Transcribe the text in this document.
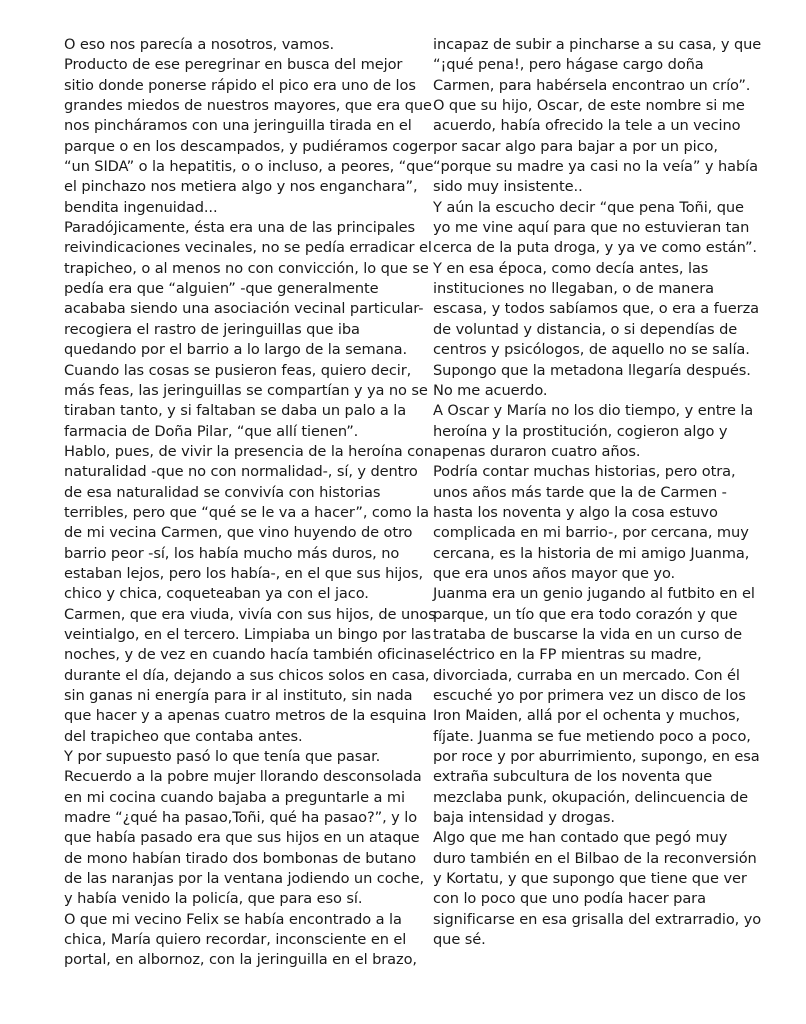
O eso nos parecía a nosotros, vamos.

Producto de ese peregrinar en busca del mejor sitio donde ponerse rápido el pico era uno de los grandes miedos de nuestros mayores, que era que nos pincháramos con una jeringuilla tirada en el parque o en los descampados, y pudiéramos coger “un SIDA” o la hepatitis, o o incluso, a peores, “que el pinchazo nos metiera algo y nos enganchara”, bendita ingenuidad...

Paradójicamente, ésta era una de las principales reivindicaciones vecinales, no se pedía erradicar el trapicheo, o al menos no con convicción, lo que se pedía era que “alguien” -que generalmente acababa siendo una asociación vecinal particular- recogiera el rastro de jeringuillas que iba quedando por el barrio a lo largo de la semana. Cuando las cosas se pusieron feas, quiero decir, más feas, las jeringuillas se compartían y ya no se tiraban tanto, y si faltaban se daba un palo a la farmacia de Doña Pilar, “que allí tienen”.

Hablo, pues, de vivir la presencia de la heroína con naturalidad -que no con normalidad-, sí, y dentro de esa naturalidad se convivía con historias terribles, pero que “qué se le va a hacer”, como la de mi vecina Carmen, que vino huyendo de otro barrio peor -sí, los había mucho más duros, no estaban lejos, pero los había-, en el que sus hijos, chico y chica, coqueteaban ya con el jaco.

Carmen, que era viuda, vivía con sus hijos, de unos veintialgo, en el tercero. Limpiaba un bingo por las noches, y de vez en cuando hacía también oficinas durante el día, dejando a sus chicos solos en casa, sin ganas ni energía para ir al instituto, sin nada que hacer y a apenas cuatro metros de la esquina del trapicheo que contaba antes.

Y por supuesto pasó lo que tenía que pasar.

Recuerdo a la pobre mujer llorando desconsolada en mi cocina cuando bajaba a preguntarle a mi madre “¿qué ha pasao,Toñi, qué ha pasao?”, y lo que había pasado era que sus hijos en un ataque de mono habían tirado dos bombonas de butano de las naranjas por la ventana jodiendo un coche, y había venido la policía, que para eso sí.

O que mi vecino Felix se había encontrado a la chica, María quiero recordar, inconsciente en el portal, en albornoz, con la jeringuilla en el brazo,

incapaz de subir a pincharse a su casa, y que “¡qué pena!, pero hágase cargo doña Carmen, para habérsela encontrao un crío”.

O que su hijo, Oscar, de este nombre si me acuerdo, había ofrecido la tele a un vecino por sacar algo para bajar a por un pico, “porque su madre ya casi no la veía” y había sido muy insistente..

Y aún la escucho decir “que pena Toñi, que yo me vine aquí para que no estuvieran tan cerca de la puta droga, y ya ve como están”.

Y en esa época, como decía antes, las instituciones no llegaban, o de manera escasa, y todos sabíamos que, o era a fuerza de voluntad y distancia, o si dependías de centros y psicólogos, de aquello no se salía. Supongo que la metadona llegaría después. No me acuerdo.

A Oscar y María no los dio tiempo, y entre la heroína y la prostitución, cogieron algo y apenas duraron cuatro años.

Podría contar muchas historias, pero otra, unos años más tarde que la de Carmen -hasta los noventa y algo la cosa estuvo complicada en mi barrio-, por cercana, muy cercana, es la historia de mi amigo Juanma, que era unos años mayor que yo.

Juanma era un genio jugando al futbito en el parque, un tío que era todo corazón y que trataba de buscarse la vida en un curso de eléctrico en la FP mientras su madre, divorciada, curraba en un mercado. Con él escuché yo por primera vez un disco de los Iron Maiden, allá por el ochenta y muchos, fíjate. Juanma se fue metiendo poco a poco, por roce y por aburrimiento, supongo, en esa extraña subcultura de los noventa que mezclaba punk, okupación, delincuencia de baja intensidad y drogas.

Algo que me han contado que pegó muy duro también en el Bilbao de la reconversión y Kortatu, y que supongo que tiene que ver con lo poco que uno podía hacer para significarse en esa grisalla del extrarradio, yo que sé.
